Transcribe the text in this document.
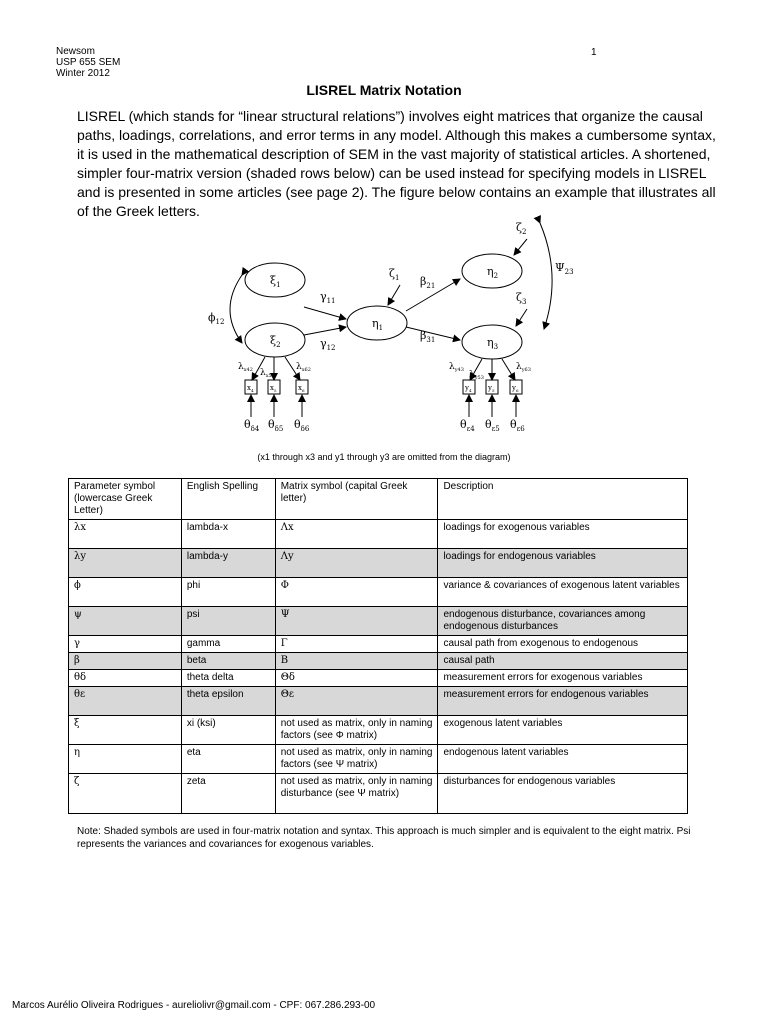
Newsom
USP 655 SEM
Winter 2012
1
LISREL Matrix Notation

LISREL (which stands for “linear structural relations”) involves eight matrices that organize the causal paths, loadings, correlations, and error terms in any model. Although this makes a cumbersome syntax, it is used in the mathematical description of SEM in the vast majority of statistical articles. A shortened, simpler four-matrix version (shaded rows below) can be used instead for specifying models in LISREL and is presented in some articles (see page 2). The figure below contains an example that illustrates all of the Greek letters.

$\xi_1$
$\xi_2$
$\eta_1$
$\eta_2$
$\eta_3$
$\phi_{12}$
$\gamma_{11}$
$\gamma_{12}$
$\zeta_1$
$\zeta_2$
$\zeta_3$
$\beta_{21}$
$\beta_{31}$
$\Psi_{23}$
$\lambda_{x42}$ $\lambda_{x52}$
$\lambda_{x62}$	$\lambda_{y43}$ $\lambda_{y53}$
$\lambda_{y63}$
$x_4$ $x_5$	$x_6$	$y_4$ $y_5$ $y_6$
$\theta_{\delta 4}$ $\theta_{\delta 5}$ $\theta_{\delta 6}$	$\theta_{\varepsilon 4}$ $\theta_{\varepsilon 5}$ $\theta_{\varepsilon 6}$
(x1 through x3 and y1 through y3 are omitted from the diagram)
Parameter symbol (lowercase Greek Letter)	English Spelling	Matrix symbol (capital Greek letter)	Description
λx	lambda-x	Λx	loadings for exogenous variables
λy	lambda-y	Λy	loadings for endogenous variables
ϕ	phi	Φ	variance & covariances of exogenous latent variables
ψ	psi	Ψ	endogenous disturbance, covariances among endogenous disturbances
γ	gamma	Γ	causal path from exogenous to endogenous
β	beta	Β	causal path
θδ	theta delta	Θδ	measurement errors for exogenous variables
θε	theta epsilon	Θε	measurement errors for endogenous variables
ξ	xi (ksi)	not used as matrix, only in naming factors (see Φ matrix)	exogenous latent variables
η	eta	not used as matrix, only in naming factors (see Ψ matrix)	endogenous latent variables
ζ	zeta	not used as matrix, only in naming disturbance (see Ψ matrix)	disturbances for endogenous variables
Note: Shaded symbols are used in four-matrix notation and syntax. This approach is much simpler and is equivalent to the eight matrix. Psi represents the variances and covariances for exogenous variables.
Marcos Aurélio Oliveira Rodrigues - aureliolivr@gmail.com - CPF: 067.286.293-00
